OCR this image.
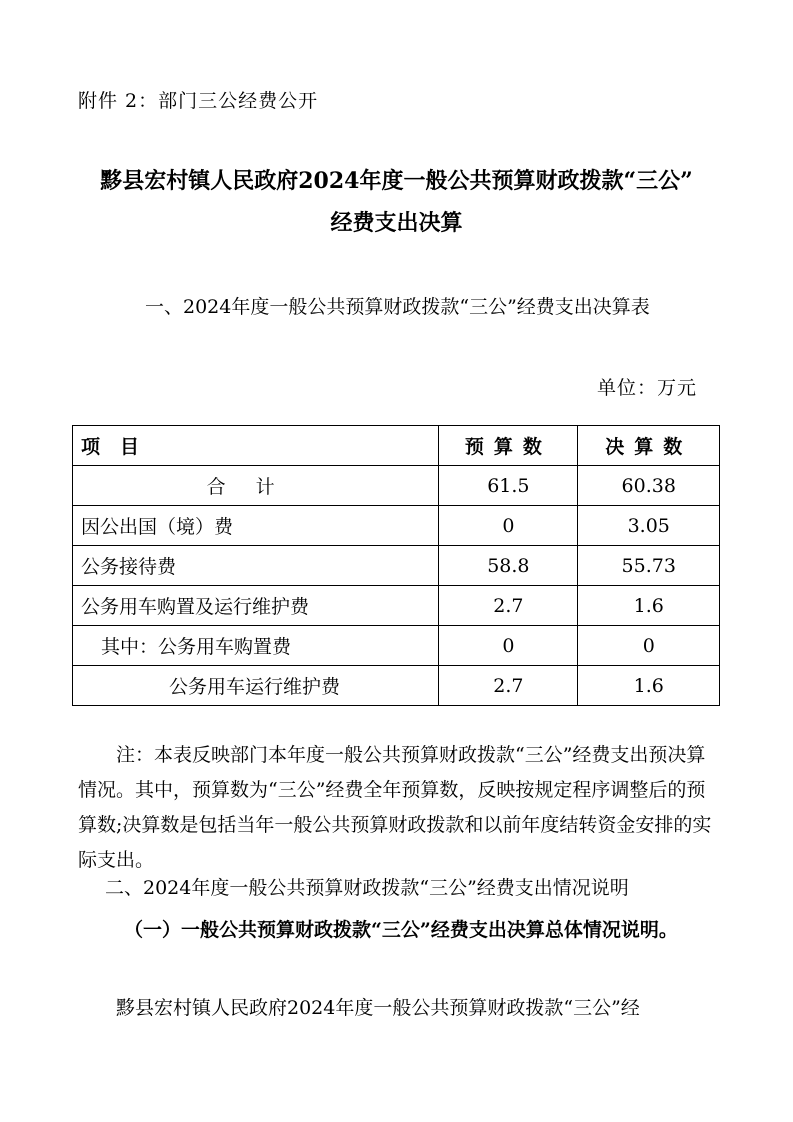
附件 2：部门三公经费公开
黟县宏村镇人民政府2024年度一般公共预算财政拨款“三公”
经费支出决算
一、2024年度一般公共预算财政拨款“三公”经费支出决算表
单位：万元
项目	预算数	决算数
合计	61.5	60.38
因公出国（境）费	0	3.05
公务接待费	58.8	55.73
公务用车购置及运行维护费	2.7	1.6
其中：公务用车购置费	0	0
公务用车运行维护费	2.7	1.6
注：本表反映部门本年度一般公共预算财政拨款“三公”经费支出预决算情况。其中，预算数为“三公”经费全年预算数，反映按规定程序调整后的预算数;决算数是包括当年一般公共预算财政拨款和以前年度结转资金安排的实际支出。
二、2024年度一般公共预算财政拨款“三公”经费支出情况说明
（一）一般公共预算财政拨款“三公”经费支出决算总体情况说明。
黟县宏村镇人民政府2024年度一般公共预算财政拨款“三公”经
